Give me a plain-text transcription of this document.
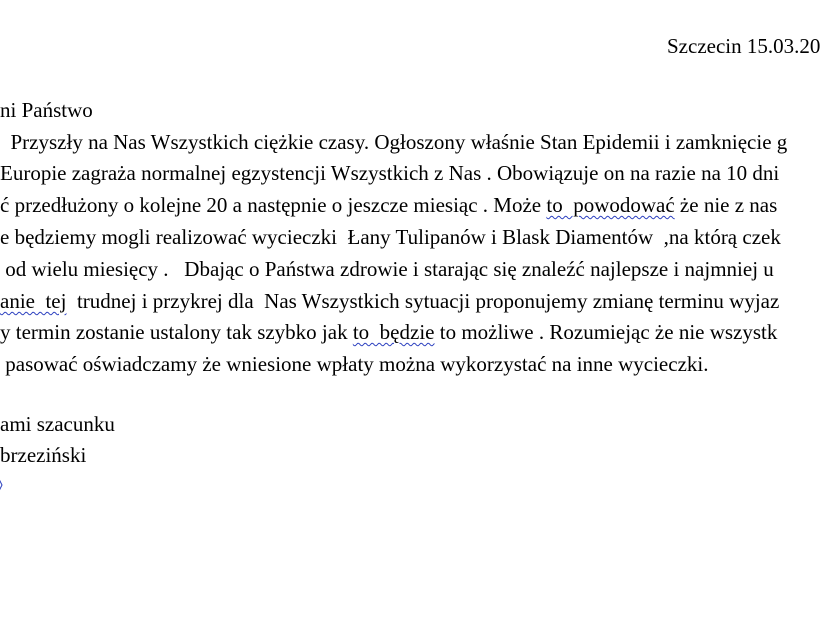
Szczecin 15.03.20
ni Państwo
Przyszły na Nas Wszystkich ciężkie czasy. Ogłoszony właśnie Stan Epidemii i zamknięcie g
Europie zagraża normalnej egzystencji Wszystkich z Nas . Obowiązuje on na razie na 10 dni
ć przedłużony o kolejne 20 a następnie o jeszcze miesiąc . Może to  powodować że nie z nas
e będziemy mogli realizować wycieczki  Łany Tulipanów i Blask Diamentów  ,na którą czek
od wielu miesięcy .   Dbając o Państwa zdrowie i starając się znaleźć najlepsze i najmniej u
anie  tej  trudnej i przykrej dla  Nas Wszystkich sytuacji proponujemy zmianę terminu wyjaz
y termin zostanie ustalony tak szybko jak to  będzie to możliwe . Rozumiejąc że nie wszystk
pasować oświadczamy że wniesione wpłaty można wykorzystać na inne wycieczki.
ami szacunku
brzeziński
